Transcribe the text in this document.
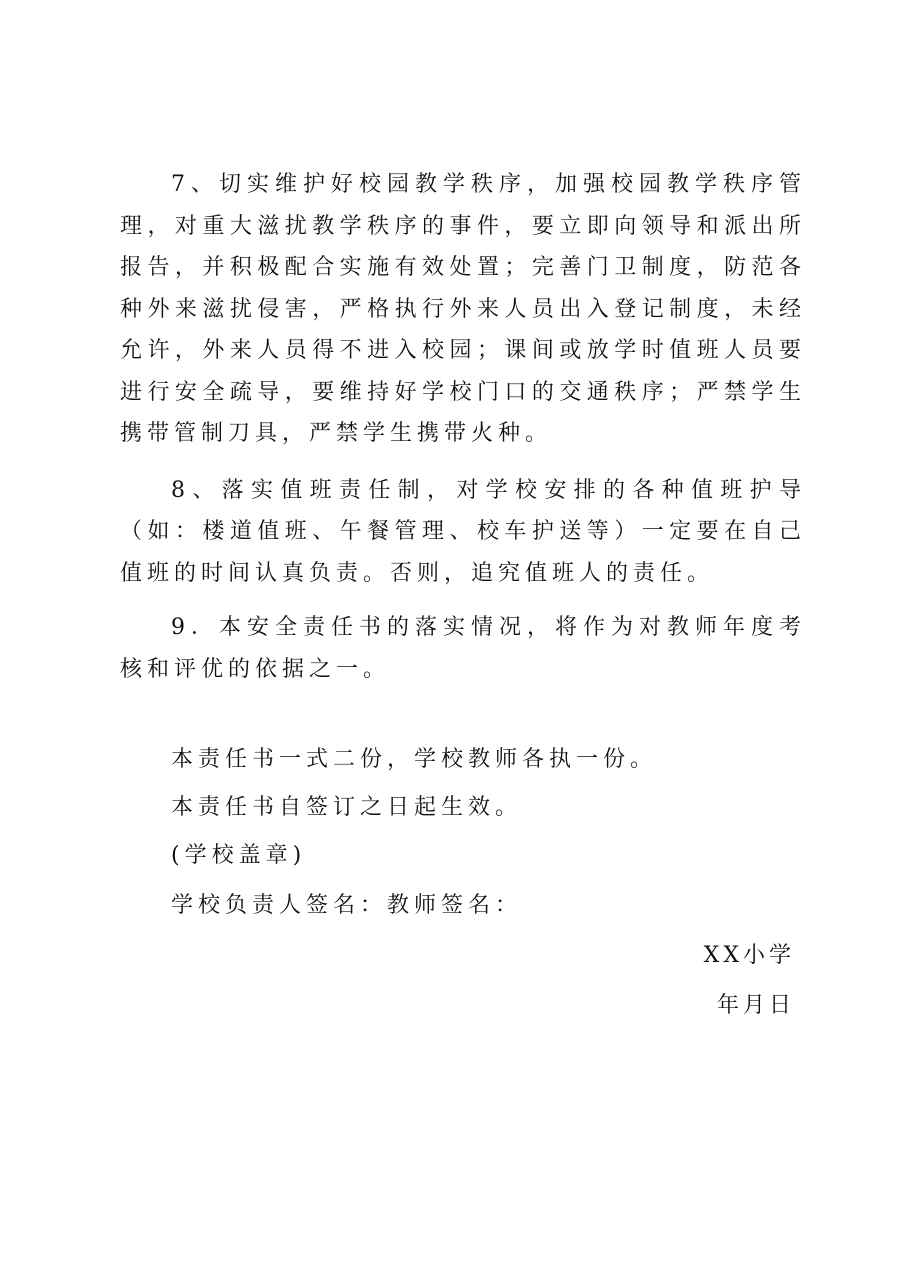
7、切实维护好校园教学秩序，加强校园教学秩序管理，对重大滋扰教学秩序的事件，要立即向领导和派出所报告，并积极配合实施有效处置；完善门卫制度，防范各种外来滋扰侵害，严格执行外来人员出入登记制度，未经允许，外来人员得不进入校园；课间或放学时值班人员要进行安全疏导，要维持好学校门口的交通秩序；严禁学生携带管制刀具，严禁学生携带火种。

8、落实值班责任制，对学校安排的各种值班护导（如：楼道值班、午餐管理、校车护送等）一定要在自己值班的时间认真负责。否则，追究值班人的责任。

9．本安全责任书的落实情况，将作为对教师年度考核和评优的依据之一。

本责任书一式二份，学校教师各执一份。
本责任书自签订之日起生效。
(学校盖章)
学校负责人签名：教师签名：
XX小学
年月日
